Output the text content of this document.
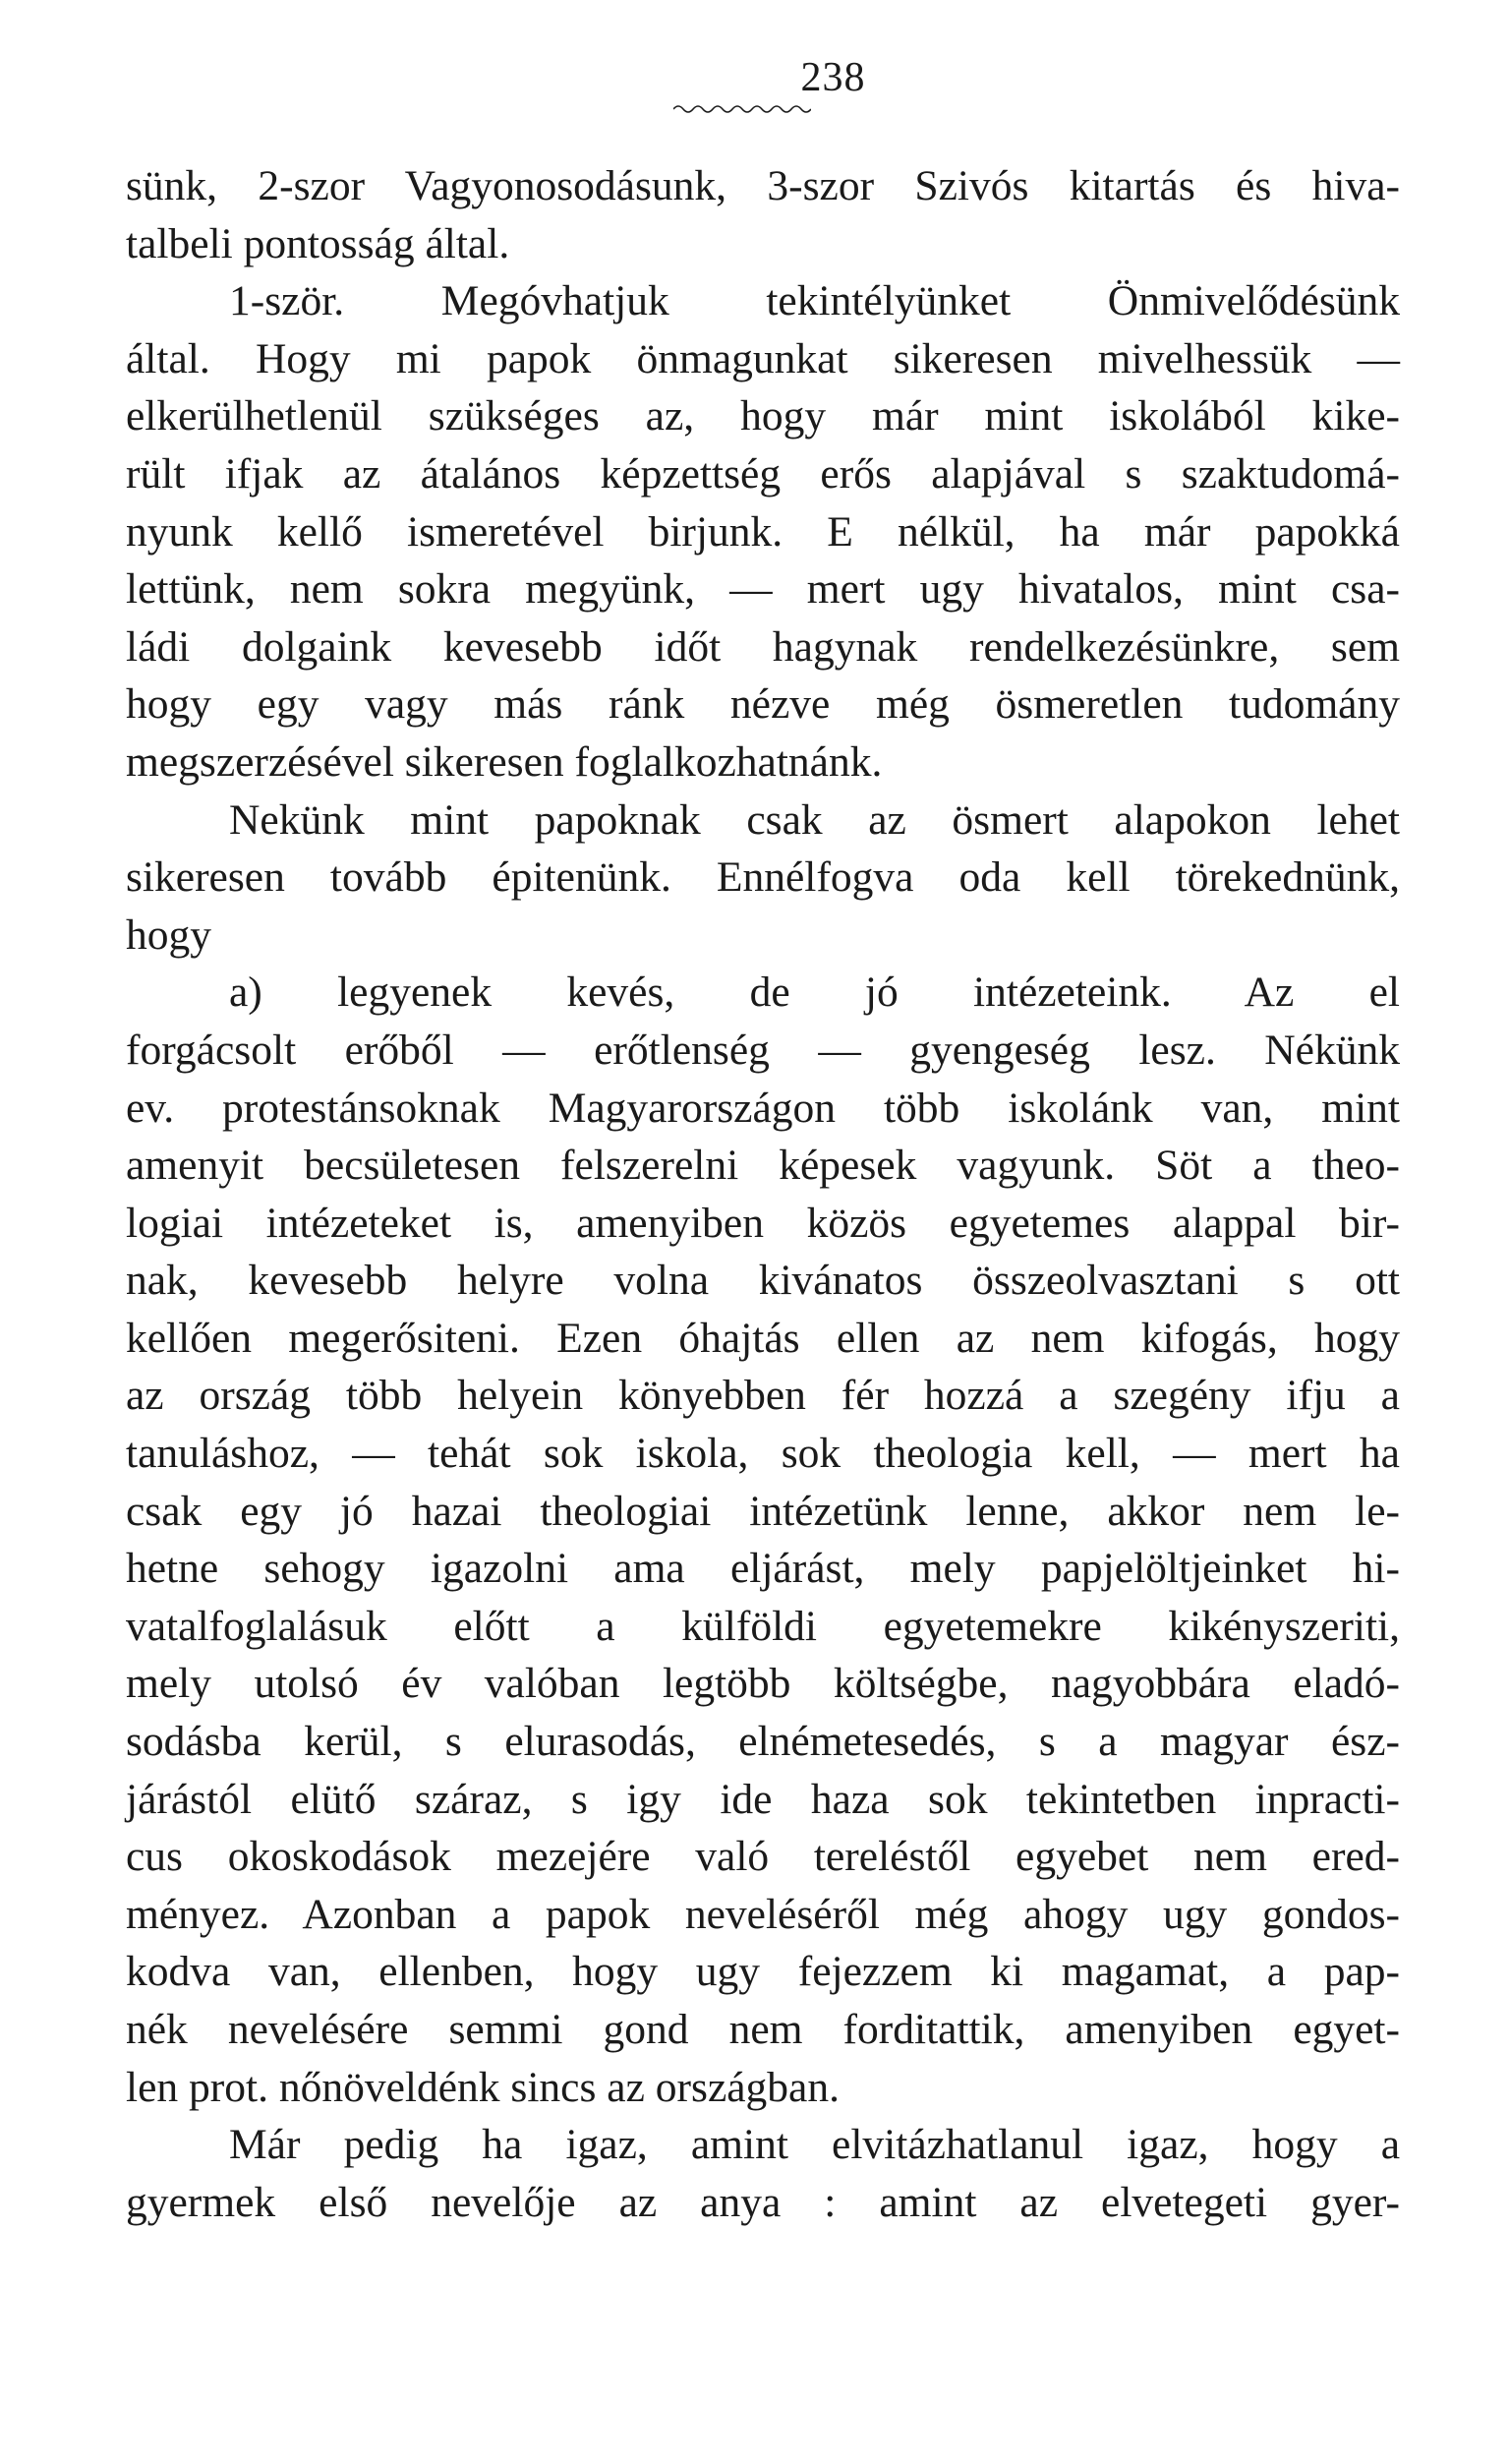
238
sünk, 2-szor Vagyonosodásunk, 3-szor Szivós kitartás és hiva-
talbeli pontosság által.
1-ször. Megóvhatjuk tekintélyünket Önmivelődésünk
által. Hogy mi papok önmagunkat sikeresen mivelhessük —
elkerülhetlenül szükséges az, hogy már mint iskolából kike-
rült ifjak az átalános képzettség erős alapjával s szaktudomá-
nyunk kellő ismeretével birjunk. E nélkül, ha már papokká
lettünk, nem sokra megyünk, — mert ugy hivatalos, mint csa-
ládi dolgaink kevesebb időt hagynak rendelkezésünkre, sem
hogy egy vagy más ránk nézve még ösmeretlen tudomány
megszerzésével sikeresen foglalkozhatnánk.
Nekünk mint papoknak csak az ösmert alapokon lehet
sikeresen tovább épitenünk. Ennélfogva oda kell törekednünk,
hogy
a) legyenek kevés, de jó intézeteink. Az el
forgácsolt erőből — erőtlenség — gyengeség lesz. Nékünk
ev. protestánsoknak Magyarországon több iskolánk van, mint
amenyit becsületesen felszerelni képesek vagyunk. Söt a theo-
logiai intézeteket is, amenyiben közös egyetemes alappal bir-
nak, kevesebb helyre volna kivánatos összeolvasztani s ott
kellően megerősiteni. Ezen óhajtás ellen az nem kifogás, hogy
az ország több helyein könyebben fér hozzá a szegény ifju a
tanuláshoz, — tehát sok iskola, sok theologia kell, — mert ha
csak egy jó hazai theologiai intézetünk lenne, akkor nem le-
hetne sehogy igazolni ama eljárást, mely papjelöltjeinket hi-
vatalfoglalásuk előtt a külföldi egyetemekre kikényszeriti,
mely utolsó év valóban legtöbb költségbe, nagyobbára eladó-
sodásba kerül, s elurasodás, elnémetesedés, s a magyar ész-
járástól elütő száraz, s igy ide haza sok tekintetben inpracti-
cus okoskodások mezejére való tereléstől egyebet nem ered-
ményez. Azonban a papok neveléséről még ahogy ugy gondos-
kodva van, ellenben, hogy ugy fejezzem ki magamat, a pap-
nék nevelésére semmi gond nem forditattik, amenyiben egyet-
len prot. nőnöveldénk sincs az országban.
Már pedig ha igaz, amint elvitázhatlanul igaz, hogy a
gyermek első nevelője az anya : amint az elvetegeti gyer-
